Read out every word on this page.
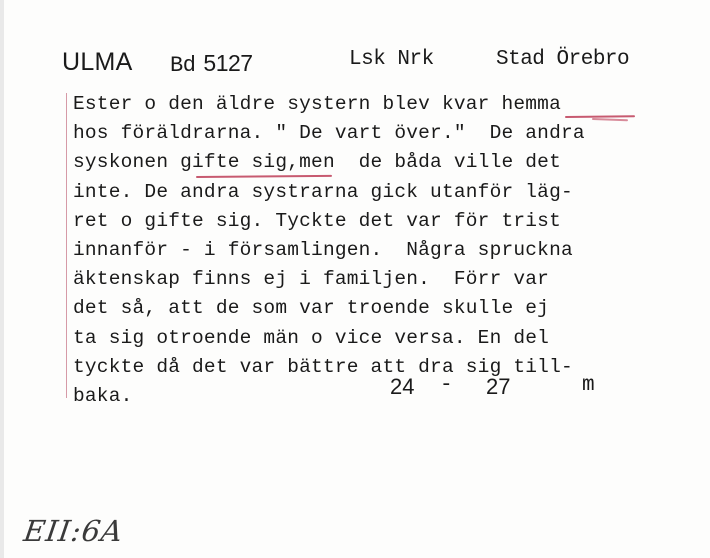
ULMA Bd 5127	Lsk Nrk	Stad Örebro
Ester o den äldre systern blev kvar hemma
hos föräldrarna. " De vart över."  De andra
syskonen gifte sig,men  de båda ville det
inte. De andra systrarna gick utanför läg-
ret o gifte sig. Tyckte det var för trist
innanför - i församlingen.  Några spruckna
äktenskap finns ej i familjen.  Förr var
det så, att de som var troende skulle ej
ta sig otroende män o vice versa. En del
tyckte då det var bättre att dra sig till-
baka.	24 - 27	m
EII:6A
